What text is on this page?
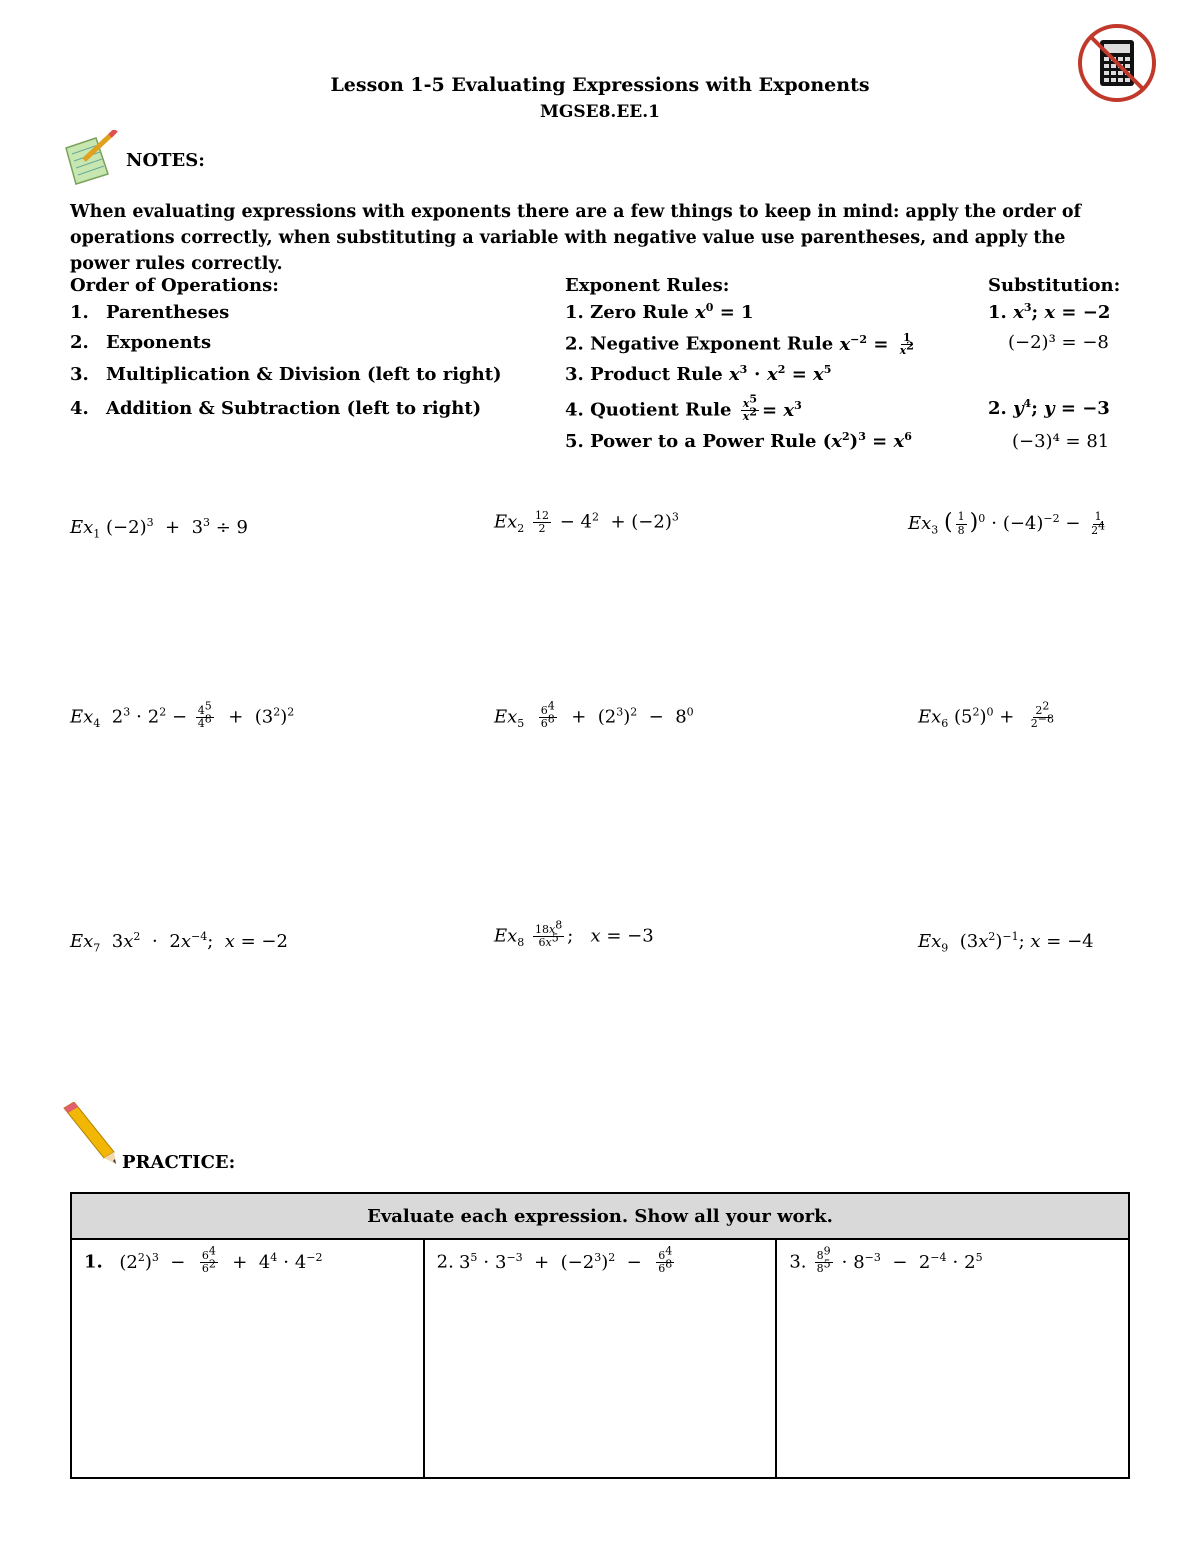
Lesson 1-5 Evaluating Expressions with Exponents
MGSE8.EE.1
NOTES:
When evaluating expressions with exponents there are a few things to keep in mind: apply the order of operations correctly, when substituting a variable with negative value use parentheses, and apply the power rules correctly.
Order of Operations:
1. Parentheses
2. Exponents
3. Multiplication & Division (left to right)
4. Addition & Subtraction (left to right)
Exponent Rules:
1. Zero Rule $x^0 = 1$
2. Negative Exponent Rule $x^{-2} = \frac{1}{x^2}$
3. Product Rule $x^3 \cdot x^2 = x^5$
4. Quotient Rule $\frac{x^5}{x^2} = x^3$
5. Power to a Power Rule $(x^2)^3 = x^6$
Substitution:
1. $x^3$; x = −2
(−2)³ = −8
2. $y^4$; y = −3
(−3)⁴ = 81
$Ex_1$ $(-2)^3 + 3^3 \div 9$	$Ex_2 \frac{12}{2} - 4^2 + (-2)^3$	$Ex_3$ ( $\frac{1}{8} )^0 \cdot (-4)^{-2} - \frac{1}{2^4}$
$Ex_4$  $2^3 \cdot 2^2 - \frac{4^5}{4^8} + (3^2)^2$	$Ex_5 \frac{6^4}{6^8} + (2^3)^2 - 8^0$	$Ex_6$ $(5^2)^0 + \frac{2^2}{2^{-8}}$
$Ex_7$  $3x^2 \cdot 2x^{-4}$;  x = −2	$Ex_8 \frac{18x^8}{6x^5}$ ;   x = −3	$Ex_9$  $(3x^2)^{-1}$; x = −4
PRACTICE:
Evaluate each expression. Show all your work.
1.   $(2^2)^3 - \frac{6^4}{6^2} + 4^4 \cdot 4^{-2}$	2. $3^5 \cdot 3^{-3} + (-2^3)^2 - \frac{6^4}{6^8}$	3. $\frac{8^9}{8^5} \cdot 8^{-3} - 2^{-4} \cdot 2^5$
